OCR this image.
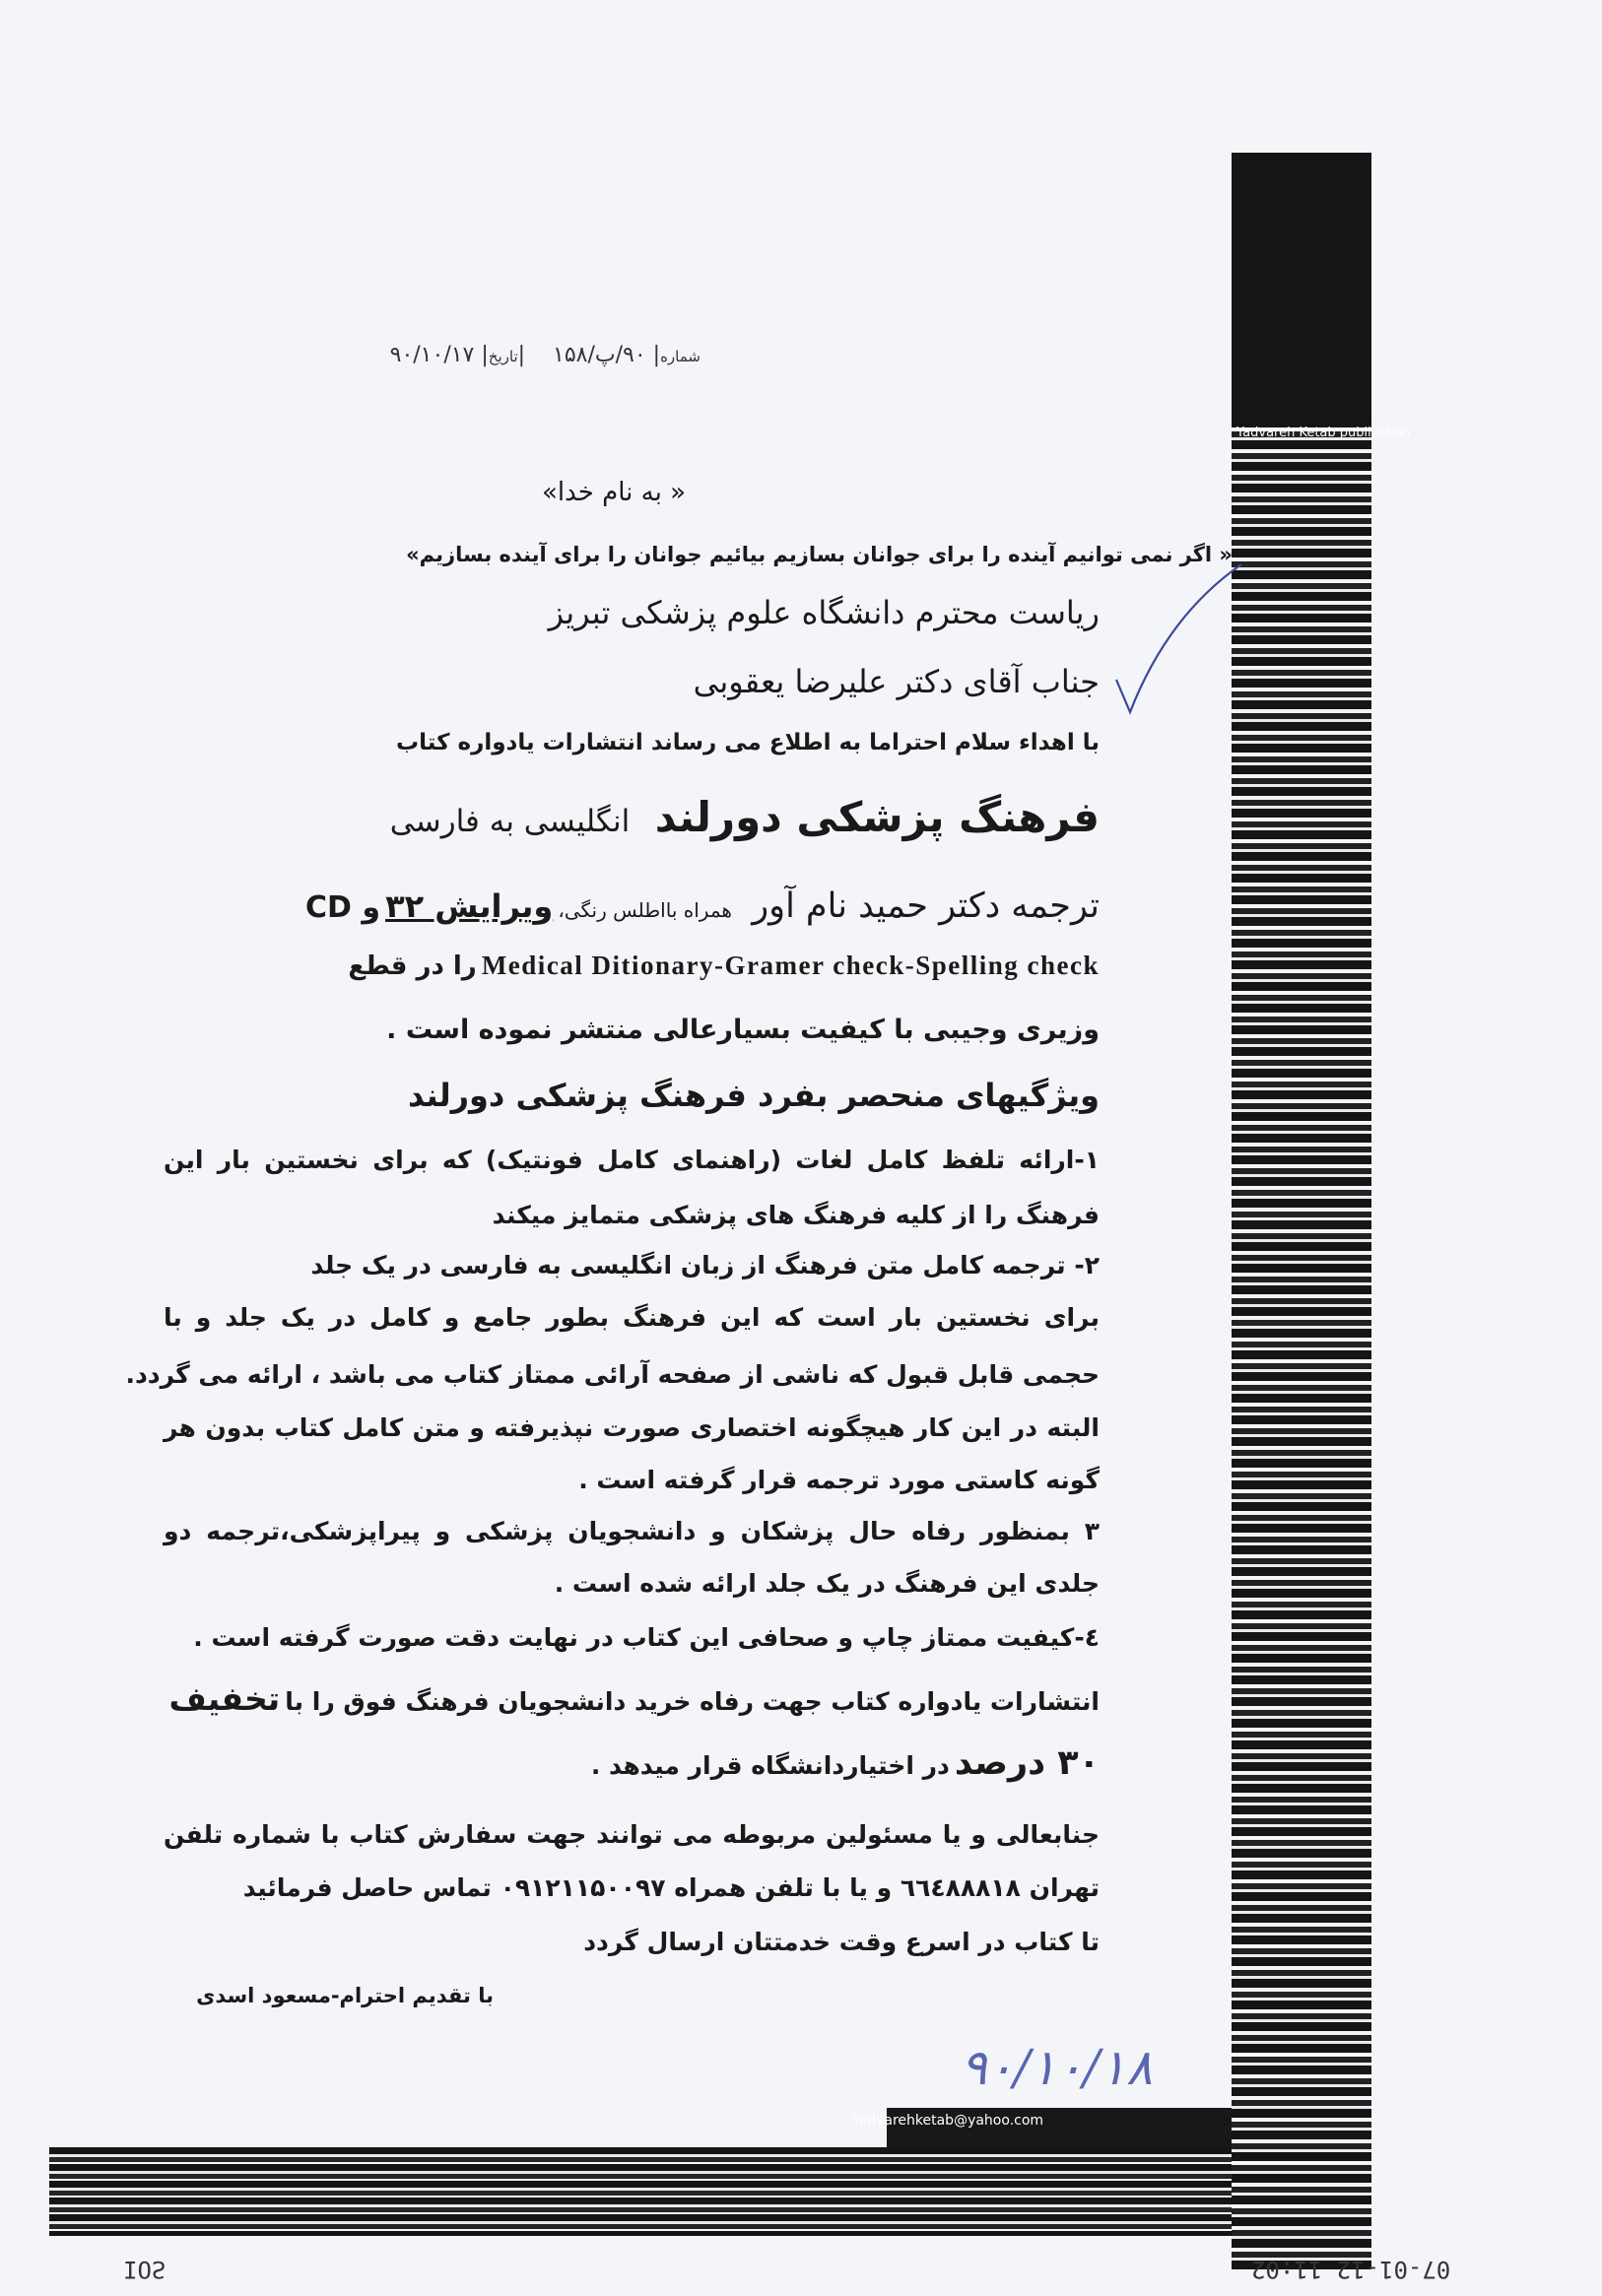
Yadvareh Ketab publication
شماره| ۹۰/پ/۱۵۸    |تاریخ| ۹۰/۱۰/۱۷
« به نام خدا»
« اگر نمی توانیم آینده را برای جوانان بسازیم بیائیم جوانان را برای آینده بسازیم»
ریاست محترم دانشگاه علوم پزشکی تبریز
جناب آقای دکتر علیرضا یعقوبی
با اهداء سلام احتراما به اطلاع می رساند انتشارات یادواره کتاب
فرهنگ پزشکی دورلند     انگلیسی به فارسی
ترجمه دکتر حمید نام آور    همراه بااطلس رنگی، ویرایش ۳۲ و CD
Medical Ditionary-Gramer check-Spelling check را در قطع
وزیری وجیبی با کیفیت بسیارعالی منتشر نموده است .
ویژگیهای منحصر بفرد فرهنگ پزشکی دورلند
۱-ارائه تلفظ کامل لغات (راهنمای کامل فونتیک) که برای نخستین بار این
فرهنگ را از کلیه فرهنگ های پزشکی متمایز میکند
۲- ترجمه کامل متن فرهنگ از زبان انگلیسی به فارسی در یک جلد
برای نخستین بار است که این فرهنگ بطور جامع و کامل در یک جلد و با
حجمی قابل قبول که ناشی از صفحه آرائی ممتاز کتاب می باشد ، ارائه می گردد.
البته در این کار هیچگونه اختصاری صورت نپذیرفته و متن کامل کتاب بدون هر
گونه کاستی مورد ترجمه قرار گرفته است .
۳ بمنظور رفاه حال پزشکان و دانشجویان پزشکی و پیراپزشکی،ترجمه دو
جلدی این فرهنگ در یک جلد ارائه شده است .
٤-کیفیت ممتاز چاپ و صحافی این کتاب در نهایت دقت صورت گرفته است .
انتشارات یادواره کتاب جهت رفاه خرید دانشجویان فرهنگ فوق را با تخفیف
۳۰ درصد در اختیاردانشگاه قرار میدهد .
جنابعالی و یا مسئولین مربوطه می توانند جهت سفارش کتاب با شماره تلفن
تهران ٦٦٤٨٨٨١٨ و یا با تلفن همراه ۰۹۱۲۱۱۵۰۰۹۷ تماس حاصل فرمائید
تا کتاب در اسرع وقت خدمتتان ارسال گردد
با تقدیم احترام-مسعود اسدی
۹۰/۱۰/۱۸
Yadvarehketab@yahoo.com
IOS	07-01-12 11:02
